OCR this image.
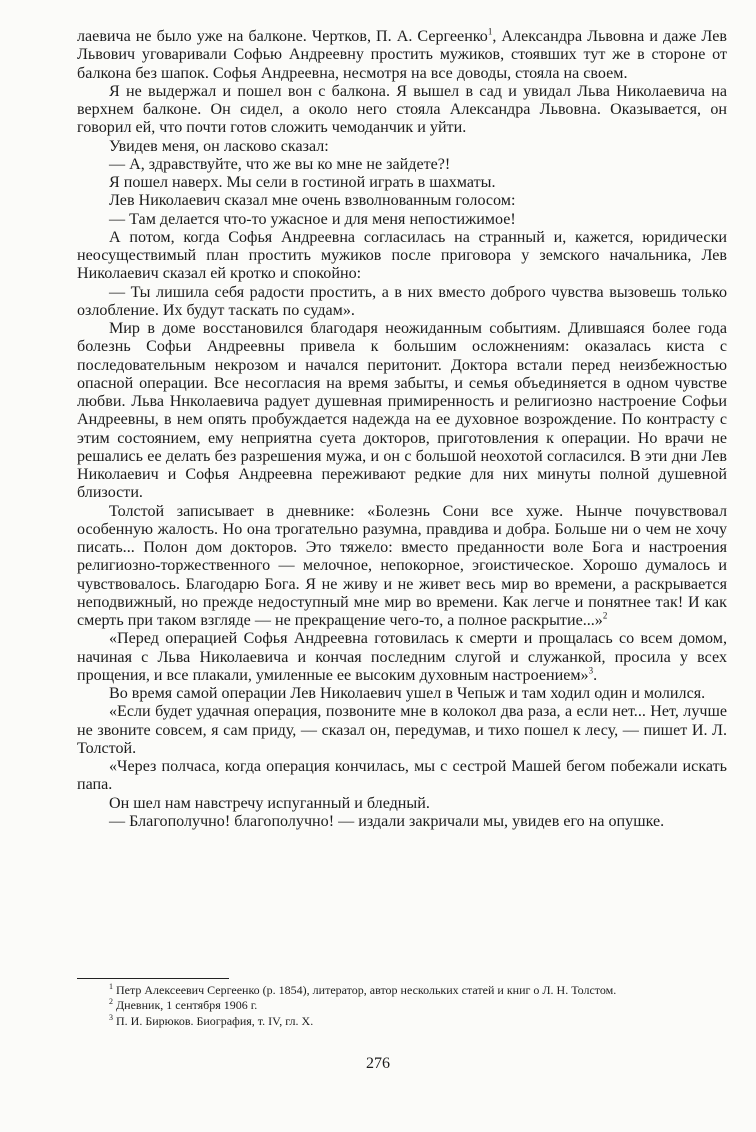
лаевича не было уже на балконе. Чертков, П. А. Сергеенко$^1$, Александра Львовна и даже Лев Львович уговаривали Софью Андреевну простить мужиков, стоявших тут же в стороне от балкона без шапок. Софья Андреевна, несмотря на все доводы, стояла на своем.

Я не выдержал и пошел вон с балкона. Я вышел в сад и увидал Льва Николаевича на верхнем балконе. Он сидел, а около него стояла Александра Львовна. Оказывается, он говорил ей, что почти готов сложить чемоданчик и уйти.

Увидев меня, он ласково сказал:

— А, здравствуйте, что же вы ко мне не зайдете?!

Я пошел наверх. Мы сели в гостиной играть в шахматы.

Лев Николаевич сказал мне очень взволнованным голосом:

— Там делается что-то ужасное и для меня непостижимое!

А потом, когда Софья Андреевна согласилась на странный и, кажется, юридически неосуществимый план простить мужиков после приговора у земского начальника, Лев Николаевич сказал ей кротко и спокойно:

— Ты лишила себя радости простить, а в них вместо доброго чувства вызовешь только озлобление. Их будут таскать по судам».

Мир в доме восстановился благодаря неожиданным событиям. Длившаяся более года болезнь Софьи Андреевны привела к большим осложнениям: оказалась киста с последовательным некрозом и начался перитонит. Доктора встали перед неизбежностью опасной операции. Все несогласия на время забыты, и семья объединяется в одном чувстве любви. Льва Ннколаевича радует душевная примиренность и религиозно настроение Софьи Андреевны, в нем опять пробуждается надежда на ее духовное возрождение. По контрасту с этим состоянием, ему неприятна суета докторов, приготовления к операции. Но врачи не решались ее делать без разрешения мужа, и он с большой неохотой согласился. В эти дни Лев Николаевич и Софья Андреевна переживают редкие для них минуты полной душевной близости.

Толстой записывает в дневнике: «Болезнь Сони все хуже. Нынче почувствовал особенную жалость. Но она трогательно разумна, правдива и добра. Больше ни о чем не хочу писать... Полон дом докторов. Это тяжело: вместо преданности воле Бога и настроения религиозно-торжественного — мелочное, непокорное, эгоистическое. Хорошо думалось и чувствовалось. Благодарю Бога. Я не живу и не живет весь мир во времени, а раскрывается неподвижный, но прежде недоступный мне мир во времени. Как легче и понятнее так! И как смерть при таком взгляде — не прекращение чего-то, а полное раскрытие...»$^2$

«Перед операцией Софья Андреевна готовилась к смерти и прощалась со всем домом, начиная с Льва Николаевича и кончая последним слугой и служанкой, просила у всех прощения, и все плакали, умиленные ее высоким духовным настроением»$^3$.

Во время самой операции Лев Николаевич ушел в Чепыж и там ходил один и молился.

«Если будет удачная операция, позвоните мне в колокол два раза, а если нет... Нет, лучше не звоните совсем, я сам приду, — сказал он, передумав, и тихо пошел к лесу, — пишет И. Л. Толстой.

«Через полчаса, когда операция кончилась, мы с сестрой Машей бегом побежали искать папа.

Он шел нам навстречу испуганный и бледный.

— Благополучно! благополучно! — издали закричали мы, увидев его на опушке.

$^1$ Петр Алексеевич Сергеенко (р. 1854), литератор, автор нескольких статей и книг о Л. Н. Толстом.

$^2$ Дневник, 1 сентября 1906 г.

$^3$ П. И. Бирюков. Биография, т. IV, гл. X.

276
